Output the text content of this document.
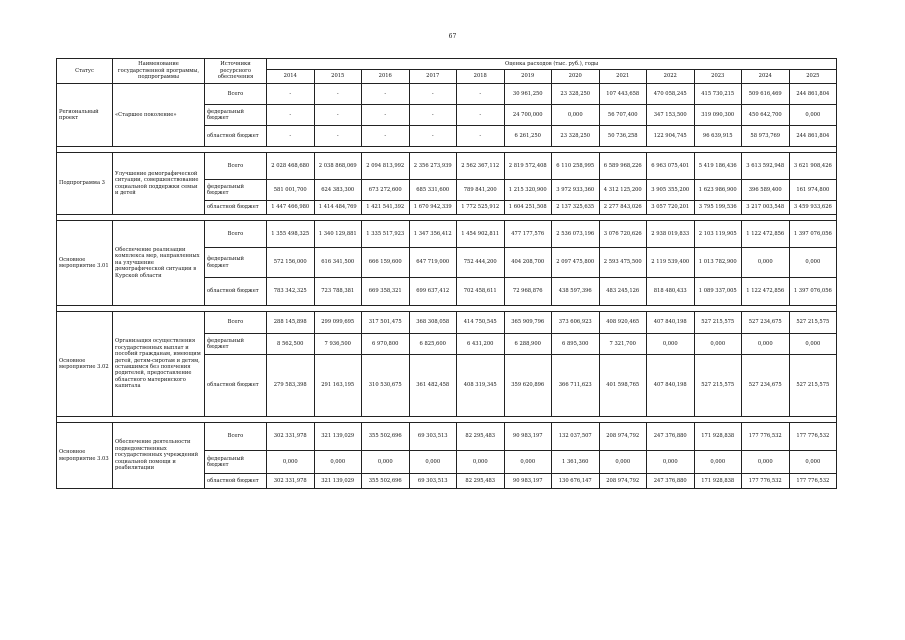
67
Статус	Наименование государственной программы, подпрограммы	Источники ресурсного обеспечения	Оценка расходов (тыс. руб.), годы											
			2014	2015	2016	2017	2018	2019	2020	2021	2022	2023	2024	2025
Региональный проект	«Старшее поколение»	Всего	-	-	-	-	-	30 961,250	23 328,250	107 443,658	470 058,245	415 730,215	509 616,469	244 861,804
		федеральный бюджет	-	-	-	-	-	24 700,000	0,000	56 707,400	347 153,500	319 090,300	450 642,700	0,000
		областной бюджет	-	-	-	-	-	6 261,250	23 328,250	50 736,258	122 904,745	96 639,915	58 973,769	244 861,804

Подпрограмма 3	Улучшение демографической ситуации, совершенствование социальной поддержки семьи и детей	Всего	2 028 468,680	2 038 868,069	2 094 813,992	2 356 273,939	2 562 367,112	2 819 572,408	6 110 258,995	6 589 968,226	6 963 075,401	5 419 186,436	3 613 592,948	3 621 908,426
		федеральный бюджет	581 001,700	624 383,300	673 272,600	685 331,600	789 841,200	1 215 320,900	3 972 933,360	4 312 125,200	3 905 355,200	1 623 986,900	396 589,400	161 974,800
		областной бюджет	1 447 466,980	1 414 484,769	1 421 541,392	1 670 942,339	1 772 525,912	1 604 251,508	2 137 325,635	2 277 843,026	3 057 720,201	3 795 199,536	3 217 003,548	3 459 933,626

Основное мероприятие 3.01	Обеспечение реализации комплекса мер, направленных на улучшение демографической ситуации в Курской области	Всего	1 355 498,325	1 340 129,881	1 335 517,923	1 347 356,412	1 454 902,811	477 177,576	2 536 073,196	3 076 720,626	2 938 019,833	2 103 119,905	1 122 472,856	1 397 076,056
		федеральный бюджет	572 156,000	616 341,500	666 159,600	647 719,000	752 444,200	404 208,700	2 097 475,800	2 593 475,500	2 119 539,400	1 013 782,900	0,000	0,000
		областной бюджет	783 342,325	723 788,381	669 358,321	699 637,412	702 458,611	72 968,876	438 597,396	483 245,126	818 480,433	1 089 337,005	1 122 472,856	1 397 076,056

Основное мероприятие 3.02	Организация осуществления государственных выплат и пособий гражданам, имеющим детей, детям-сиротам и детям, оставшимся без попечения родителей, предоставление областного материнского капитала	Всего	288 145,898	299 099,695	317 501,475	368 308,058	414 750,545	365 909,796	373 606,923	408 920,465	407 840,198	527 215,575	527 234,675	527 215,575
		федеральный бюджет	8 562,500	7 936,500	6 970,800	6 825,600	6 431,200	6 288,900	6 895,300	7 321,700	0,000	0,000	0,000	0,000
		областной бюджет	279 583,398	291 163,195	310 530,675	361 482,458	408 319,345	359 620,896	366 711,623	401 598,765	407 840,198	527 215,575	527 234,675	527 215,575

Основное мероприятие 3.03	Обеспечение деятельности подведомственных государственных учреждений социальной помощи и реабилитации	Всего	302 331,978	321 139,029	355 502,696	69 303,513	82 295,483	90 983,197	132 037,507	208 974,792	247 376,880	171 928,838	177 776,532	177 776,532
		федеральный бюджет	0,000	0,000	0,000	0,000	0,000	0,000	1 361,360	0,000	0,000	0,000	0,000	0,000
		областной бюджет	302 331,978	321 139,029	355 502,696	69 303,513	82 295,483	90 983,197	130 676,147	208 974,792	247 376,880	171 928,838	177 776,532	177 776,532
